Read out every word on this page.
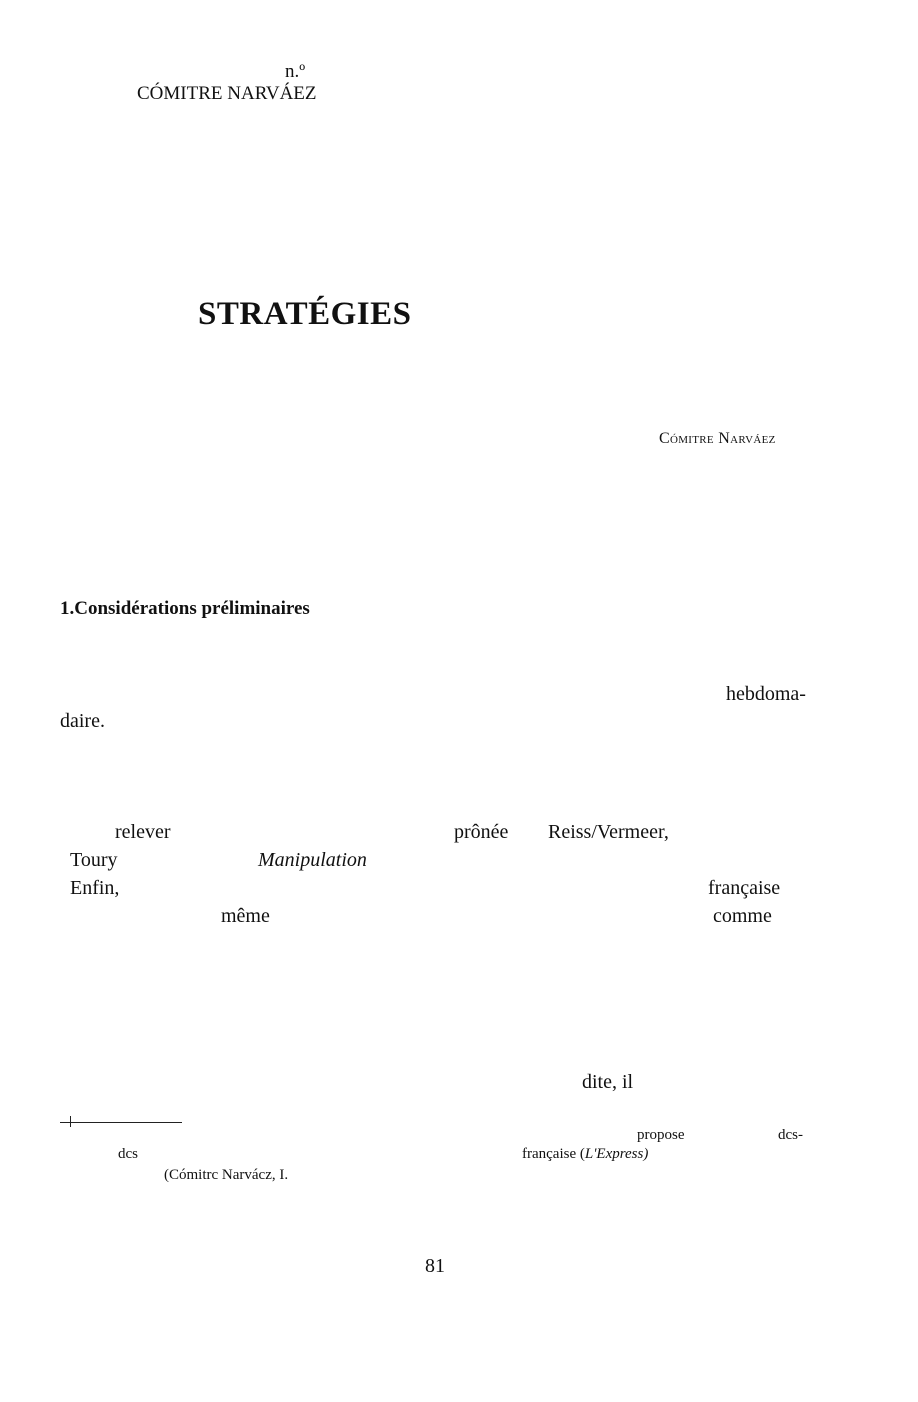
n.º
CÓMITRE NARVÁEZ
STRATÉGIES
Cómitre Narváez
1.Considérations préliminaires
hebdoma-
daire.
relever	prônée Reiss/Vermeer,
Toury	Manipulation
Enfin,	française
même	comme
dite, il
propose	dcs-
dcs	française (L'Express)
(Cómitrc Narvácz, I.
81
